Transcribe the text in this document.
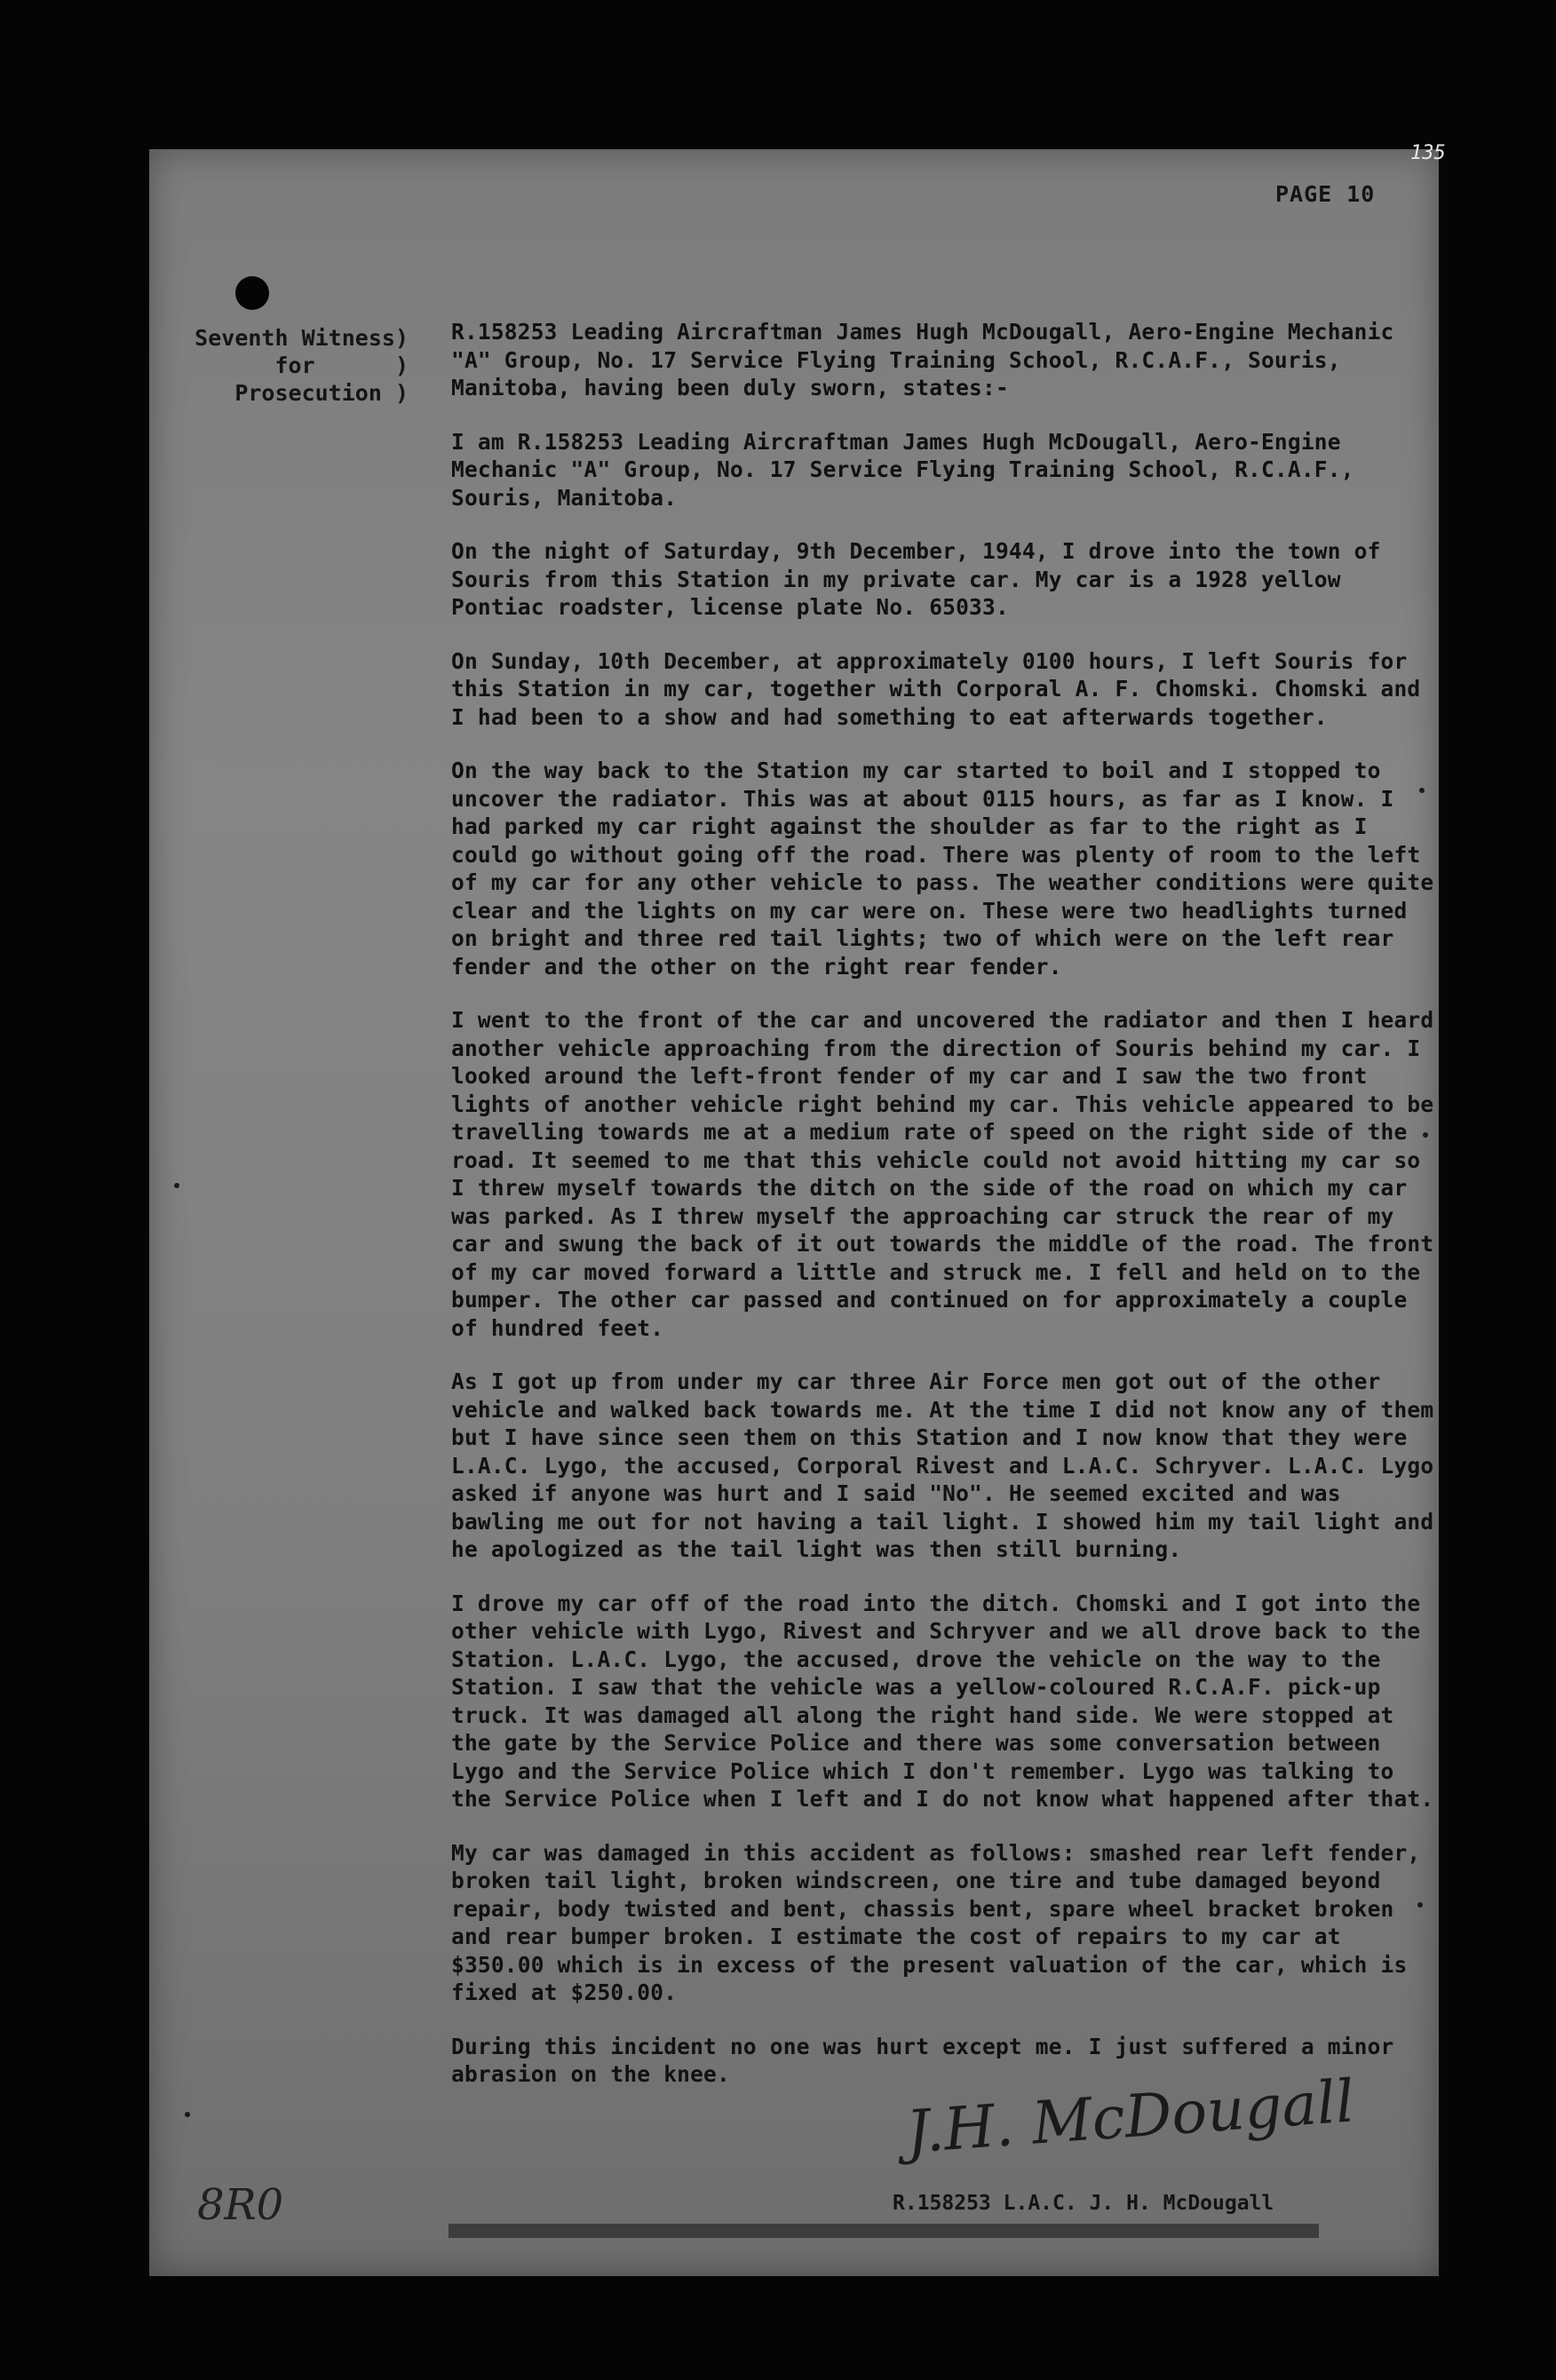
135
PAGE 10
Seventh Witness)
for      )
Prosecution )

R.158253 Leading Aircraftman James Hugh McDougall, Aero-Engine Mechanic "A" Group, No. 17 Service Flying Training School, R.C.A.F., Souris, Manitoba, having been duly sworn, states:-

I am R.158253 Leading Aircraftman James Hugh McDougall, Aero-Engine Mechanic "A" Group, No. 17 Service Flying Training School, R.C.A.F., Souris, Manitoba.

On the night of Saturday, 9th December, 1944, I drove into the town of Souris from this Station in my private car. My car is a 1928 yellow Pontiac roadster, license plate No. 65033.

On Sunday, 10th December, at approximately 0100 hours, I left Souris for this Station in my car, together with Corporal A. F. Chomski. Chomski and I had been to a show and had something to eat afterwards together.

On the way back to the Station my car started to boil and I stopped to uncover the radiator. This was at about 0115 hours, as far as I know. I had parked my car right against the shoulder as far to the right as I could go without going off the road. There was plenty of room to the left of my car for any other vehicle to pass. The weather conditions were quite clear and the lights on my car were on. These were two headlights turned on bright and three red tail lights; two of which were on the left rear fender and the other on the right rear fender.

I went to the front of the car and uncovered the radiator and then I heard another vehicle approaching from the direction of Souris behind my car. I looked around the left-front fender of my car and I saw the two front lights of another vehicle right behind my car. This vehicle appeared to be travelling towards me at a medium rate of speed on the right side of the road. It seemed to me that this vehicle could not avoid hitting my car so I threw myself towards the ditch on the side of the road on which my car was parked. As I threw myself the approaching car struck the rear of my car and swung the back of it out towards the middle of the road. The front of my car moved forward a little and struck me. I fell and held on to the bumper. The other car passed and continued on for approximately a couple of hundred feet.

As I got up from under my car three Air Force men got out of the other vehicle and walked back towards me. At the time I did not know any of them but I have since seen them on this Station and I now know that they were L.A.C. Lygo, the accused, Corporal Rivest and L.A.C. Schryver. L.A.C. Lygo asked if anyone was hurt and I said "No". He seemed excited and was bawling me out for not having a tail light. I showed him my tail light and he apologized as the tail light was then still burning.

I drove my car off of the road into the ditch. Chomski and I got into the other vehicle with Lygo, Rivest and Schryver and we all drove back to the Station. L.A.C. Lygo, the accused, drove the vehicle on the way to the Station. I saw that the vehicle was a yellow-coloured R.C.A.F. pick-up truck. It was damaged all along the right hand side. We were stopped at the gate by the Service Police and there was some conversation between Lygo and the Service Police which I don't remember. Lygo was talking to the Service Police when I left and I do not know what happened after that.

My car was damaged in this accident as follows: smashed rear left fender, broken tail light, broken windscreen, one tire and tube damaged beyond repair, body twisted and bent, chassis bent, spare wheel bracket broken and rear bumper broken. I estimate the cost of repairs to my car at $350.00 which is in excess of the present valuation of the car, which is fixed at $250.00.

During this incident no one was hurt except me. I just suffered a minor abrasion on the knee.	J.H. McDougall
R.158253 L.A.C. J. H. McDougall
8R0
